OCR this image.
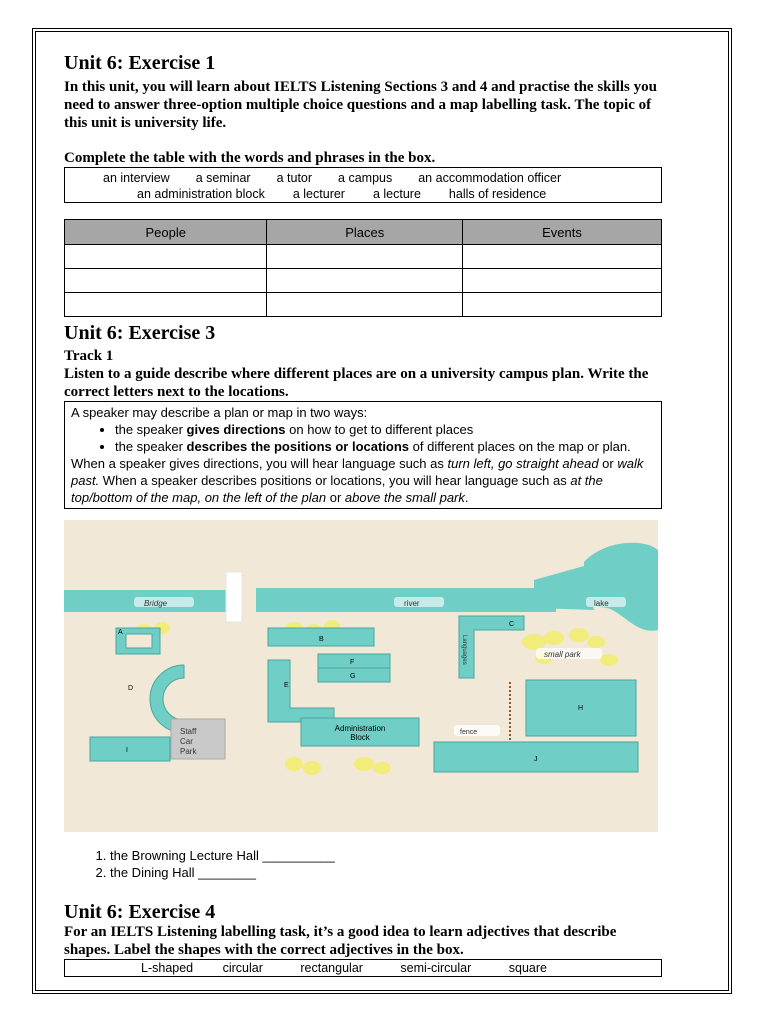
Unit 6: Exercise 1

In this unit, you will learn about IELTS Listening Sections 3 and 4 and practise the skills you need to answer three-option multiple choice questions and a map labelling task. The topic of this unit is university life.

Complete the table with the words and phrases in the box.

an interview	a seminar	a tutor	a campus	an accommodation officer
an administration block	a lecturer	a lecture	halls of residence
People	Places	Events

Unit 6: Exercise 3

Track 1

Listen to a guide describe where different places are on a university campus plan. Write the correct letters next to the locations.

A speaker may describe a plan or map in two ways:
• the speaker gives directions on how to get to different places
• the speaker describes the positions or locations of different places on the map or plan.
When a speaker gives directions, you will hear language such as turn left, go straight ahead or walk past. When a speaker describes positions or locations, you will hear language such as at the top/bottom of the map, on the left of the plan or above the small park.
Bridge	river	lake
small park
A
D
I
Staff Car Park
B
E
F
G
Administration
Block
C
Languages
H
fence
J
1. the Browning Lecture Hall __________
2. the Dining Hall ________
Unit 6: Exercise 4

For an IELTS Listening labelling task, it’s a good idea to learn adjectives that describe shapes. Label the shapes with the correct adjectives in the box.

L-shaped circular	rectangular	semi-circular	square
